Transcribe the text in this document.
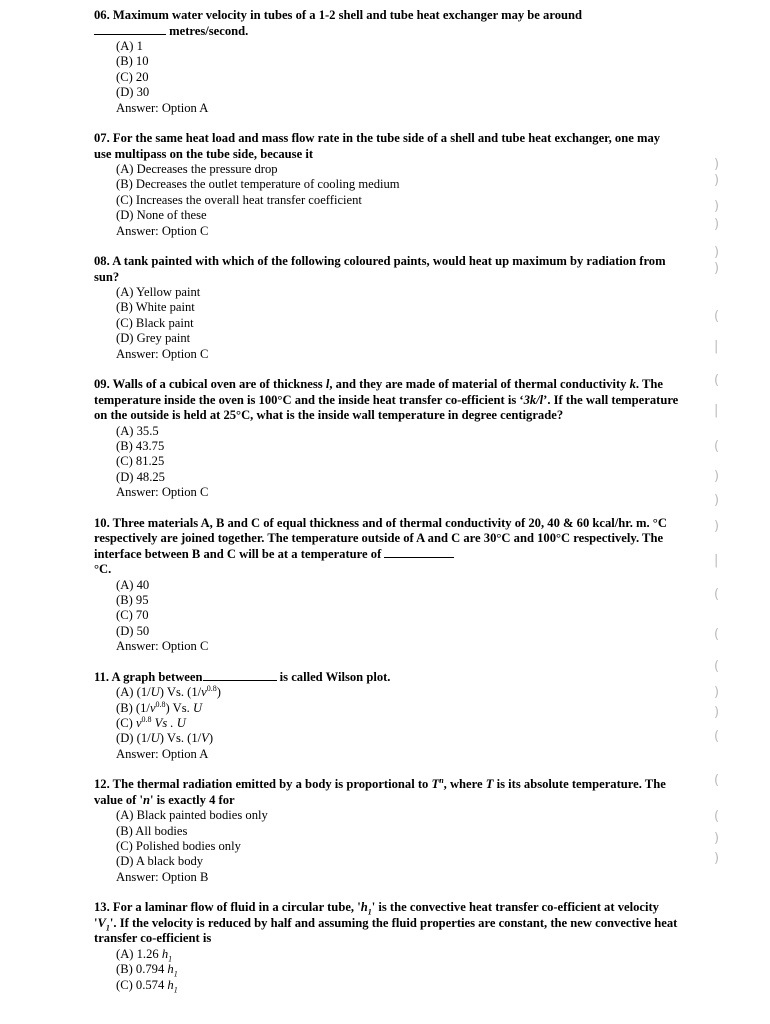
06. Maximum water velocity in tubes of a 1-2 shell and tube heat exchanger may be around
metres/second.

(A) 1
(B) 10
(C) 20
(D) 30
Answer: Option A

07. For the same heat load and mass flow rate in the tube side of a shell and tube heat exchanger, one may use multipass on the tube side, because it

(A) Decreases the pressure drop
(B) Decreases the outlet temperature of cooling medium
(C) Increases the overall heat transfer coefficient
(D) None of these
Answer: Option C

08. A tank painted with which of the following coloured paints, would heat up maximum by radiation from sun?

(A) Yellow paint
(B) White paint
(C) Black paint
(D) Grey paint
Answer: Option C

09. Walls of a cubical oven are of thickness l, and they are made of material of thermal conductivity k. The temperature inside the oven is 100°C and the inside heat transfer co-efficient is ‘3k/l’. If the wall temperature on the outside is held at 25°C, what is the inside wall temperature in degree centigrade?

(A) 35.5
(B) 43.75
(C) 81.25
(D) 48.25
Answer: Option C

10. Three materials A, B and C of equal thickness and of thermal conductivity of 20, 40 & 60 kcal/hr. m. °C respectively are joined together. The temperature outside of A and C are 30°C and 100°C respectively. The interface between B and C will be at a temperature of
°C.

(A) 40
(B) 95
(C) 70
(D) 50
Answer: Option C

11. A graph between	is called Wilson plot.

(A) (1/U) Vs. $(1/v^{0.8})$
(B) $(1/v^{0.8})$ Vs. U
(C) $v^{0.8}$ Vs . U
(D) (1/U) Vs. (1/V)
Answer: Option A

12. The thermal radiation emitted by a body is proportional to $T^n$, where T is its absolute temperature. The value of 'n' is exactly 4 for

(A) Black painted bodies only
(B) All bodies
(C) Polished bodies only
(D) A black body
Answer: Option B

13. For a laminar flow of fluid in a circular tube, '$h_1$' is the convective heat transfer co-efficient at velocity '$V_1$'. If the velocity is reduced by half and assuming the fluid properties are constant, the new convective heat transfer co-efficient is

(A) 1.26 $h_1$
(B) 0.794 $h_1$
(C) 0.574 $h_1$
)
)
)
)
)
)
(
|
(
|
(
)
)
)
|
(
(
(
)
)
(
(
(
)
)
